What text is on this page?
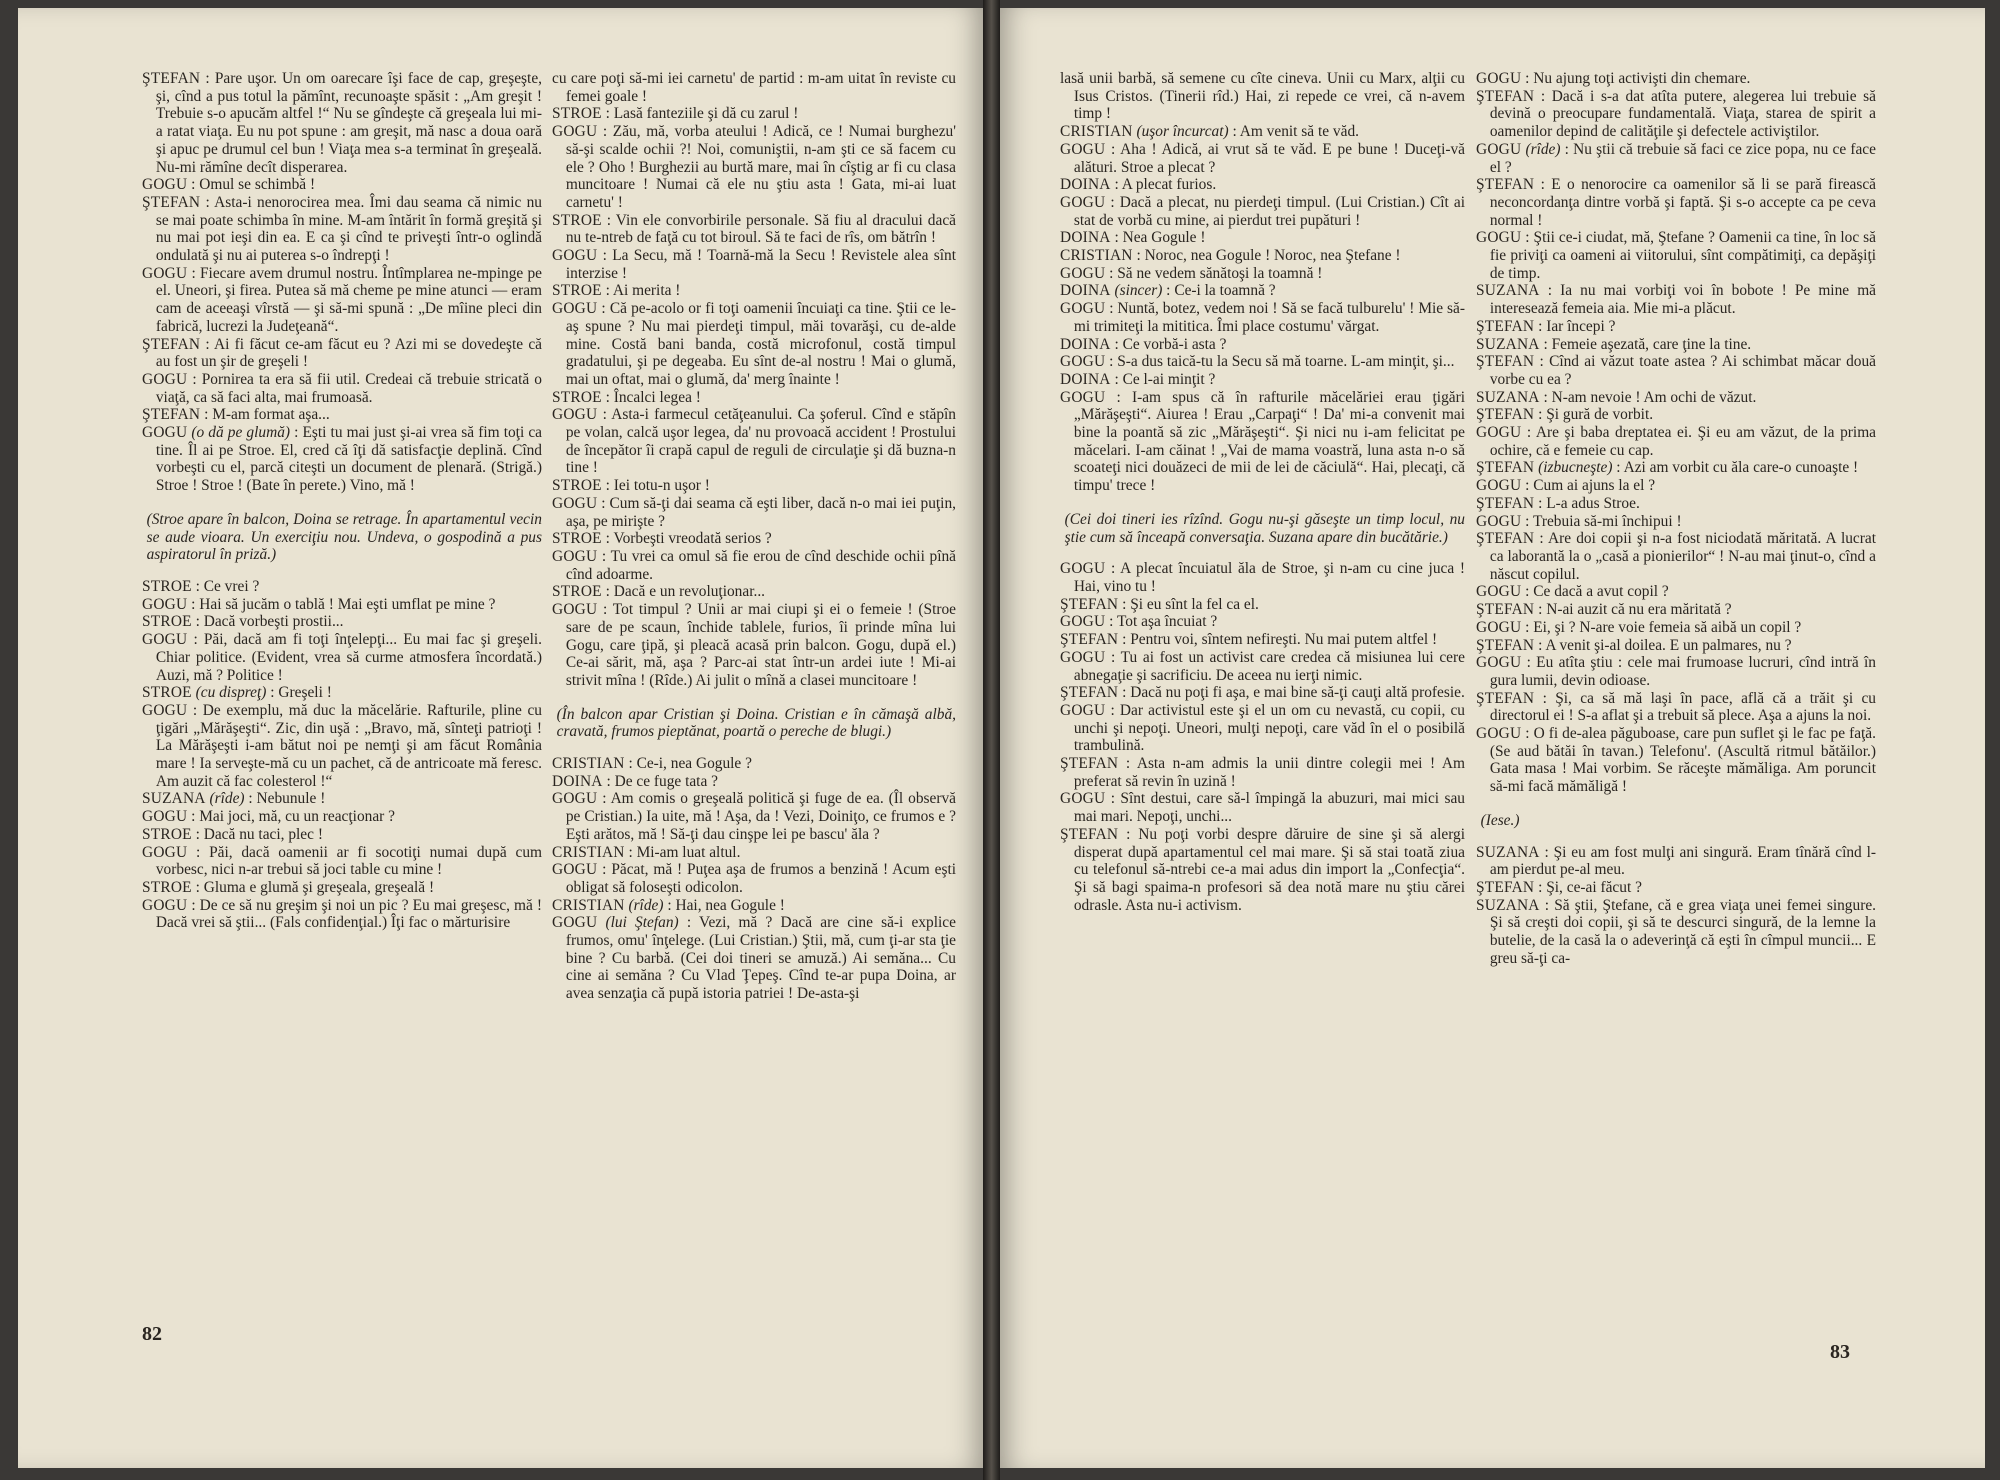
ŞTEFAN : Pare uşor. Un om oarecare îşi face de cap, greşeşte, şi, cînd a pus totul la pămînt, recunoaşte spăsit : „Am greşit ! Trebuie s-o apucăm altfel !“ Nu se gîndeşte că greşeala lui mi-a ratat viaţa. Eu nu pot spune : am greşit, mă nasc a doua oară şi apuc pe drumul cel bun ! Viaţa mea s-a terminat în greşeală. Nu-mi rămîne decît disperarea.

GOGU : Omul se schimbă !

ŞTEFAN : Asta-i nenorocirea mea. Îmi dau seama că nimic nu se mai poate schimba în mine. M-am întărit în formă greşită şi nu mai pot ieşi din ea. E ca şi cînd te priveşti într-o oglindă ondulată şi nu ai puterea s-o îndrepţi !

GOGU : Fiecare avem drumul nostru. Întîmplarea ne-mpinge pe el. Uneori, şi firea. Putea să mă cheme pe mine atunci — eram cam de aceeaşi vîrstă — şi să-mi spună : „De mîine pleci din fabrică, lucrezi la Judeţeană“.

ŞTEFAN : Ai fi făcut ce-am făcut eu ? Azi mi se dovedeşte că au fost un şir de greşeli !

GOGU : Pornirea ta era să fii util. Credeai că trebuie stricată o viaţă, ca să faci alta, mai frumoasă.

ŞTEFAN : M-am format aşa...

GOGU (o dă pe glumă) : Eşti tu mai just şi-ai vrea să fim toţi ca tine. Îl ai pe Stroe. El, cred că îţi dă satisfacţie deplină. Cînd vorbeşti cu el, parcă citeşti un document de plenară. (Strigă.) Stroe ! Stroe ! (Bate în perete.) Vino, mă !

(Stroe apare în balcon, Doina se retrage. În apartamentul vecin se aude vioara. Un exerciţiu nou. Undeva, o gospodină a pus aspiratorul în priză.)

STROE : Ce vrei ?

GOGU : Hai să jucăm o tablă ! Mai eşti umflat pe mine ?

STROE : Dacă vorbeşti prostii...

GOGU : Păi, dacă am fi toţi înţelepţi... Eu mai fac şi greşeli. Chiar politice. (Evident, vrea să curme atmosfera încordată.) Auzi, mă ? Politice !

STROE (cu dispreţ) : Greşeli !

GOGU : De exemplu, mă duc la măcelărie. Rafturile, pline cu ţigări „Mărăşeşti“. Zic, din uşă : „Bravo, mă, sînteţi patrioţi ! La Mărăşeşti i-am bătut noi pe nemţi şi am făcut România mare ! Ia serveşte-mă cu un pachet, că de antricoate mă feresc. Am auzit că fac colesterol !“

SUZANA (rîde) : Nebunule !

GOGU : Mai joci, mă, cu un reacţionar ?

STROE : Dacă nu taci, plec !

GOGU : Păi, dacă oamenii ar fi socotiţi numai după cum vorbesc, nici n-ar trebui să joci table cu mine !

STROE : Gluma e glumă şi greşeala, greşeală !

GOGU : De ce să nu greşim şi noi un pic ? Eu mai greşesc, mă ! Dacă vrei să ştii... (Fals confidenţial.) Îţi fac o mărturisire

cu care poţi să-mi iei carnetu' de partid : m-am uitat în reviste cu femei goale !

STROE : Lasă fanteziile şi dă cu zarul !

GOGU : Zău, mă, vorba ateului ! Adică, ce ! Numai burghezu' să-şi scalde ochii ?! Noi, comuniştii, n-am şti ce să facem cu ele ? Oho ! Burghezii au burtă mare, mai în cîştig ar fi cu clasa muncitoare ! Numai că ele nu ştiu asta ! Gata, mi-ai luat carnetu' !

STROE : Vin ele convorbirile personale. Să fiu al dracului dacă nu te-ntreb de faţă cu tot biroul. Să te faci de rîs, om bătrîn !

GOGU : La Secu, mă ! Toarnă-mă la Secu ! Revistele alea sînt interzise !

STROE : Ai merita !

GOGU : Că pe-acolo or fi toţi oamenii încuiaţi ca tine. Ştii ce le-aş spune ? Nu mai pierdeţi timpul, măi tovarăşi, cu de-alde mine. Costă bani banda, costă microfonul, costă timpul gradatului, şi pe degeaba. Eu sînt de-al nostru ! Mai o glumă, mai un oftat, mai o glumă, da' merg înainte !

STROE : Încalci legea !

GOGU : Asta-i farmecul cetăţeanului. Ca şoferul. Cînd e stăpîn pe volan, calcă uşor legea, da' nu provoacă accident ! Prostului de începător îi crapă capul de reguli de circulaţie şi dă buzna-n tine !

STROE : Iei totu-n uşor !

GOGU : Cum să-ţi dai seama că eşti liber, dacă n-o mai iei puţin, aşa, pe mirişte ?

STROE : Vorbeşti vreodată serios ?

GOGU : Tu vrei ca omul să fie erou de cînd deschide ochii pînă cînd adoarme.

STROE : Dacă e un revoluţionar...

GOGU : Tot timpul ? Unii ar mai ciupi şi ei o femeie ! (Stroe sare de pe scaun, închide tablele, furios, îi prinde mîna lui Gogu, care ţipă, şi pleacă acasă prin balcon. Gogu, după el.) Ce-ai sărit, mă, aşa ? Parc-ai stat într-un ardei iute ! Mi-ai strivit mîna ! (Rîde.) Ai julit o mînă a clasei muncitoare !

(În balcon apar Cristian şi Doina. Cristian e în cămaşă albă, cravată, frumos pieptănat, poartă o pereche de blugi.)

CRISTIAN : Ce-i, nea Gogule ?

DOINA : De ce fuge tata ?

GOGU : Am comis o greşeală politică şi fuge de ea. (Îl observă pe Cristian.) Ia uite, mă ! Aşa, da ! Vezi, Doiniţo, ce frumos e ? Eşti arătos, mă ! Să-ţi dau cinşpe lei pe bascu' ăla ?

CRISTIAN : Mi-am luat altul.

GOGU : Păcat, mă ! Puţea aşa de frumos a benzină ! Acum eşti obligat să foloseşti odicolon.

CRISTIAN (rîde) : Hai, nea Gogule !

GOGU (lui Ştefan) : Vezi, mă ? Dacă are cine să-i explice frumos, omu' înţelege. (Lui Cristian.) Ştii, mă, cum ţi-ar sta ţie bine ? Cu barbă. (Cei doi tineri se amuză.) Ai semăna... Cu cine ai semăna ? Cu Vlad Ţepeş. Cînd te-ar pupa Doina, ar avea senzaţia că pupă istoria patriei ! De-asta-şi

82

lasă unii barbă, să semene cu cîte cineva. Unii cu Marx, alţii cu Isus Cristos. (Tinerii rîd.) Hai, zi repede ce vrei, că n-avem timp !

CRISTIAN (uşor încurcat) : Am venit să te văd.

GOGU : Aha ! Adică, ai vrut să te văd. E pe bune ! Duceţi-vă alături. Stroe a plecat ?

DOINA : A plecat furios.

GOGU : Dacă a plecat, nu pierdeţi timpul. (Lui Cristian.) Cît ai stat de vorbă cu mine, ai pierdut trei pupături !

DOINA : Nea Gogule !

CRISTIAN : Noroc, nea Gogule ! Noroc, nea Ştefane !

GOGU : Să ne vedem sănătoşi la toamnă !

DOINA (sincer) : Ce-i la toamnă ?

GOGU : Nuntă, botez, vedem noi ! Să se facă tulburelu' ! Mie să-mi trimiteţi la mititica. Îmi place costumu' vărgat.

DOINA : Ce vorbă-i asta ?

GOGU : S-a dus taică-tu la Secu să mă toarne. L-am minţit, şi...

DOINA : Ce l-ai minţit ?

GOGU : I-am spus că în rafturile măcelăriei erau ţigări „Mărăşeşti“. Aiurea ! Erau „Carpaţi“ ! Da' mi-a convenit mai bine la poantă să zic „Mărăşeşti“. Şi nici nu i-am felicitat pe măcelari. I-am căinat ! „Vai de mama voastră, luna asta n-o să scoateţi nici douăzeci de mii de lei de căciulă“. Hai, plecaţi, că timpu' trece !

(Cei doi tineri ies rîzînd. Gogu nu-şi găseşte un timp locul, nu ştie cum să înceapă conversaţia. Suzana apare din bucătărie.)

GOGU : A plecat încuiatul ăla de Stroe, şi n-am cu cine juca ! Hai, vino tu !

ŞTEFAN : Şi eu sînt la fel ca el.

GOGU : Tot aşa încuiat ?

ŞTEFAN : Pentru voi, sîntem nefireşti. Nu mai putem altfel !

GOGU : Tu ai fost un activist care credea că misiunea lui cere abnegaţie şi sacrificiu. De aceea nu ierţi nimic.

ŞTEFAN : Dacă nu poţi fi aşa, e mai bine să-ţi cauţi altă profesie.

GOGU : Dar activistul este şi el un om cu nevastă, cu copii, cu unchi şi nepoţi. Uneori, mulţi nepoţi, care văd în el o posibilă trambulină.

ŞTEFAN : Asta n-am admis la unii dintre colegii mei ! Am preferat să revin în uzină !

GOGU : Sînt destui, care să-l împingă la abuzuri, mai mici sau mai mari. Nepoţi, unchi...

ŞTEFAN : Nu poţi vorbi despre dăruire de sine şi să alergi disperat după apartamentul cel mai mare. Şi să stai toată ziua cu telefonul să-ntrebi ce-a mai adus din import la „Confecţia“. Şi să bagi spaima-n profesori să dea notă mare nu ştiu cărei odrasle. Asta nu-i activism.

GOGU : Nu ajung toţi activişti din chemare.

ŞTEFAN : Dacă i s-a dat atîta putere, alegerea lui trebuie să devină o preocupare fundamentală. Viaţa, starea de spirit a oamenilor depind de calităţile şi defectele activiştilor.

GOGU (rîde) : Nu ştii că trebuie să faci ce zice popa, nu ce face el ?

ŞTEFAN : E o nenorocire ca oamenilor să li se pară firească neconcordanţa dintre vorbă şi faptă. Şi s-o accepte ca pe ceva normal !

GOGU : Ştii ce-i ciudat, mă, Ştefane ? Oamenii ca tine, în loc să fie priviţi ca oameni ai viitorului, sînt compătimiţi, ca depăşiţi de timp.

SUZANA : Ia nu mai vorbiţi voi în bobote ! Pe mine mă interesează femeia aia. Mie mi-a plăcut.

ŞTEFAN : Iar începi ?

SUZANA : Femeie aşezată, care ţine la tine.

ŞTEFAN : Cînd ai văzut toate astea ? Ai schimbat măcar două vorbe cu ea ?

SUZANA : N-am nevoie ! Am ochi de văzut.

ŞTEFAN : Şi gură de vorbit.

GOGU : Are şi baba dreptatea ei. Şi eu am văzut, de la prima ochire, că e femeie cu cap.

ŞTEFAN (izbucneşte) : Azi am vorbit cu ăla care-o cunoaşte !

GOGU : Cum ai ajuns la el ?

ŞTEFAN : L-a adus Stroe.

GOGU : Trebuia să-mi închipui !

ŞTEFAN : Are doi copii şi n-a fost niciodată măritată. A lucrat ca laborantă la o „casă a pionierilor“ ! N-au mai ţinut-o, cînd a născut copilul.

GOGU : Ce dacă a avut copil ?

ŞTEFAN : N-ai auzit că nu era măritată ?

GOGU : Ei, şi ? N-are voie femeia să aibă un copil ?

ŞTEFAN : A venit şi-al doilea. E un palmares, nu ?

GOGU : Eu atîta ştiu : cele mai frumoase lucruri, cînd intră în gura lumii, devin odioase.

ŞTEFAN : Şi, ca să mă laşi în pace, află că a trăit şi cu directorul ei ! S-a aflat şi a trebuit să plece. Aşa a ajuns la noi.

GOGU : O fi de-alea păguboase, care pun suflet şi le fac pe faţă. (Se aud bătăi în tavan.) Telefonu'. (Ascultă ritmul bătăilor.) Gata masa ! Mai vorbim. Se răceşte mămăliga. Am poruncit să-mi facă mămăligă !

(Iese.)

SUZANA : Şi eu am fost mulţi ani singură. Eram tînără cînd l-am pierdut pe-al meu.

ŞTEFAN : Şi, ce-ai făcut ?

SUZANA : Să ştii, Ştefane, că e grea viaţa unei femei singure. Şi să creşti doi copii, şi să te descurci singură, de la lemne la butelie, de la casă la o adeverinţă că eşti în cîmpul muncii... E greu să-ţi ca-

83
